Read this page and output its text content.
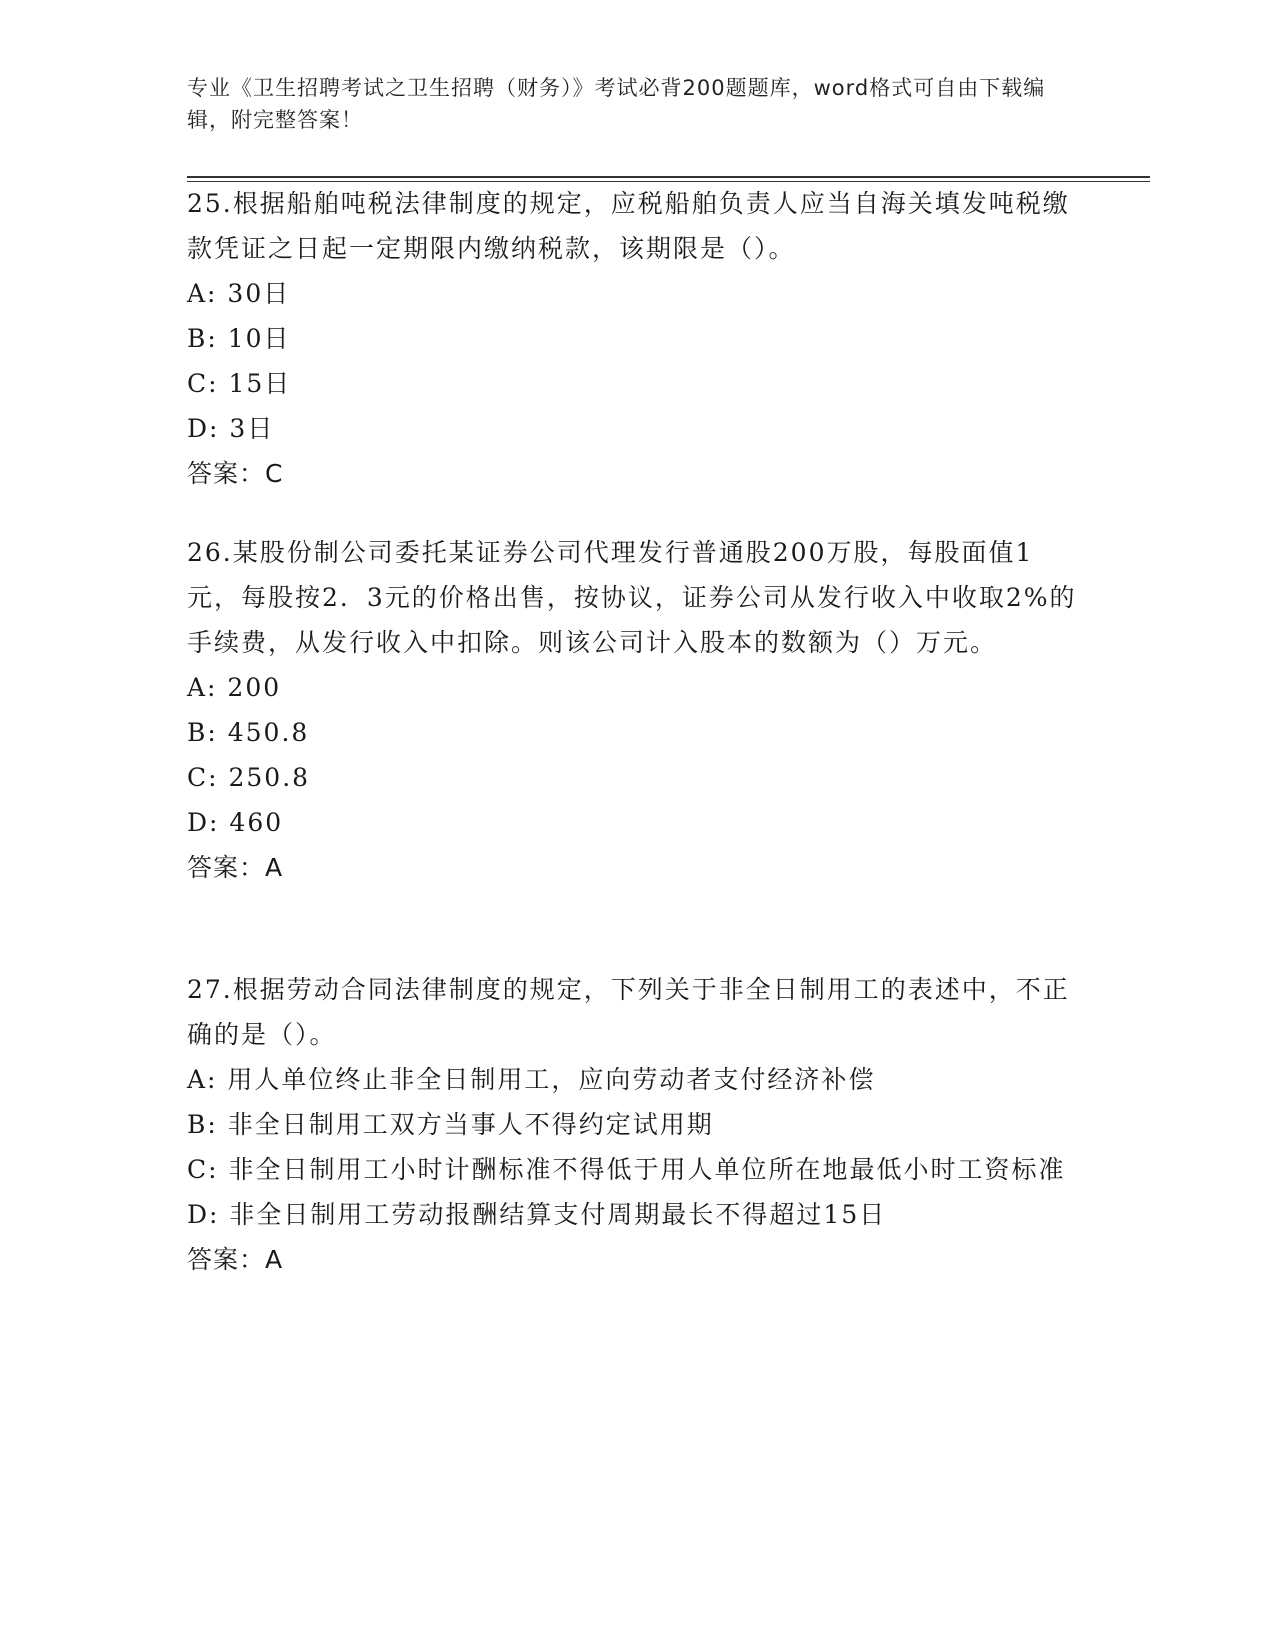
专业《卫生招聘考试之卫生招聘（财务）》考试必背200题题库，word格式可自由下载编辑，附完整答案！

25.根据船舶吨税法律制度的规定，应税船舶负责人应当自海关填发吨税缴款凭证之日起一定期限内缴纳税款，该期限是（）。

A: 30日

B: 10日

C: 15日

D: 3日

答案：C

26.某股份制公司委托某证券公司代理发行普通股200万股，每股面值1元，每股按2．3元的价格出售，按协议，证券公司从发行收入中收取2%的手续费，从发行收入中扣除。则该公司计入股本的数额为（）万元。

A: 200

B: 450.8

C: 250.8

D: 460

答案：A

27.根据劳动合同法律制度的规定，下列关于非全日制用工的表述中，不正确的是（）。

A: 用人单位终止非全日制用工，应向劳动者支付经济补偿

B: 非全日制用工双方当事人不得约定试用期

C: 非全日制用工小时计酬标准不得低于用人单位所在地最低小时工资标准

D: 非全日制用工劳动报酬结算支付周期最长不得超过15日

答案：A
